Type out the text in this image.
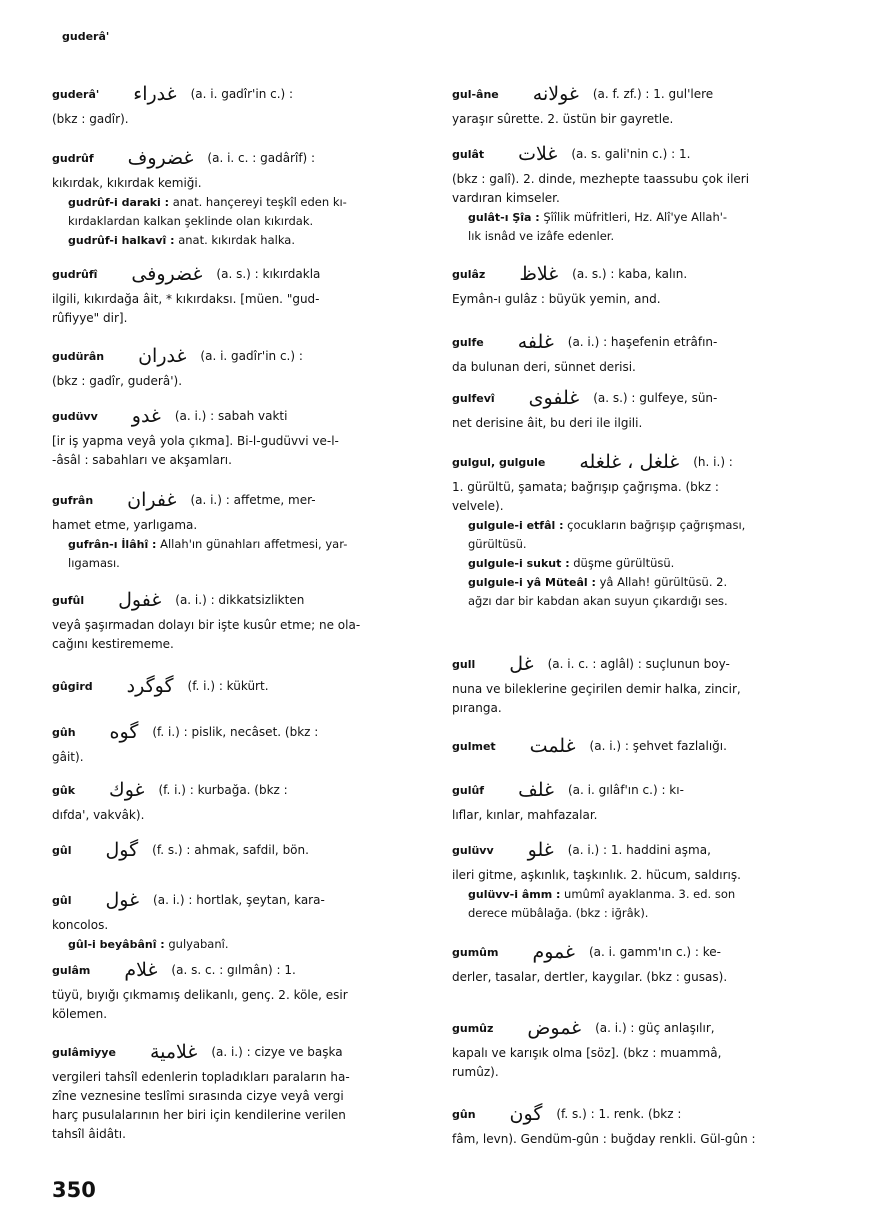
guderâ'
guderâ' غدراء (a. i. gadîr'in c.) :
(bkz : gadîr).
gudrûf غضروف (a. i. c. : gadârîf) :
kıkırdak, kıkırdak kemiği.
gudrûf-i daraki : anat. hançereyi teşkîl eden kı-
kırdaklardan kalkan şeklinde olan kıkırdak.
gudrûf-i halkavî : anat. kıkırdak halka.
gudrûfî غضروفى (a. s.) : kıkırdakla
ilgili, kıkırdağa âit, * kıkırdaksı. [müen. "gud-
rûfiyye" dir].
gudürân غدران (a. i. gadîr'in c.) :
(bkz : gadîr, guderâ').
gudüvv غدو (a. i.) : sabah vakti
[ir iş yapma veyâ yola çıkma]. Bi-l-gudüvvi ve-l-
-âsâl : sabahları ve akşamları.
gufrân غفران (a. i.) : affetme, mer-
hamet etme, yarlıgama.
gufrân-ı İlâhî : Allah'ın günahları affetmesi, yar-
lıgaması.
gufûl غفول (a. i.) : dikkatsizlikten
veyâ şaşırmadan dolayı bir işte kusûr etme; ne ola-
cağını kestirememe.
gûgird گوگرد (f. i.) : kükürt.
gûh گوه (f. i.) : pislik, necâset. (bkz :
gâit).
gûk غوك (f. i.) : kurbağa. (bkz :
dıfda', vakvâk).
gûl گول (f. s.) : ahmak, safdil, bön.
gûl غول (a. i.) : hortlak, şeytan, kara-
koncolos.
gûl-i beyâbânî : gulyabanî.
gulâm غلام (a. s. c. : gılmân) : 1.
tüyü, bıyığı çıkmamış delikanlı, genç. 2. köle, esir
kölemen.
gulâmiyye غلامية (a. i.) : cizye ve başka
vergileri tahsîl edenlerin topladıkları paraların ha-
zîne veznesine teslîmi sırasında cizye veyâ vergi
harç pusulalarının her biri için kendilerine verilen
tahsîl âidâtı.
gul-âne غولانه (a. f. zf.) : 1. gul'lere
yaraşır sûrette. 2. üstün bir gayretle.
gulât غلات (a. s. gali'nin c.) : 1.
(bkz : galî). 2. dinde, mezhepte taassubu çok ileri
vardıran kimseler.
gulât-ı Şîa : Şîîlik müfritleri, Hz. Alî'ye Allah'-
lık isnâd ve izâfe edenler.
gulâz غلاظ (a. s.) : kaba, kalın.
Eymân-ı gulâz : büyük yemin, and.
gulfe غلفه (a. i.) : haşefenin etrâfın-
da bulunan deri, sünnet derisi.
gulfevî غلفوى (a. s.) : gulfeye, sün-
net derisine âit, bu deri ile ilgili.
gulgul, gulgule غلغل ، غلغله (h. i.) :
1. gürültü, şamata; bağrışıp çağrışma. (bkz :
velvele).
gulgule-i etfâl : çocukların bağrışıp çağrışması,
gürültüsü.
gulgule-i sukut : düşme gürültüsü.
gulgule-i yâ Müteâl : yâ Allah! gürültüsü. 2.
ağzı dar bir kabdan akan suyun çıkardığı ses.
gull غل (a. i. c. : aglâl) : suçlunun boy-
nuna ve bileklerine geçirilen demir halka, zincir,
pıranga.
gulmet غلمت (a. i.) : şehvet fazlalığı.
gulûf غلف (a. i. gılâf'ın c.) : kı-
lıflar, kınlar, mahfazalar.
gulüvv غلو (a. i.) : 1. haddini aşma,
ileri gitme, aşkınlık, taşkınlık. 2. hücum, saldırış.
gulüvv-i âmm : umûmî ayaklanma. 3. ed. son
derece mübâlağa. (bkz : iğrâk).
gumûm غموم (a. i. gamm'ın c.) : ke-
derler, tasalar, dertler, kaygılar. (bkz : gusas).
gumûz غموض (a. i.) : güç anlaşılır,
kapalı ve karışık olma [söz]. (bkz : muammâ,
rumûz).
gûn گون (f. s.) : 1. renk. (bkz :
fâm, levn). Gendüm-gûn : buğday renkli. Gül-gûn :
350
